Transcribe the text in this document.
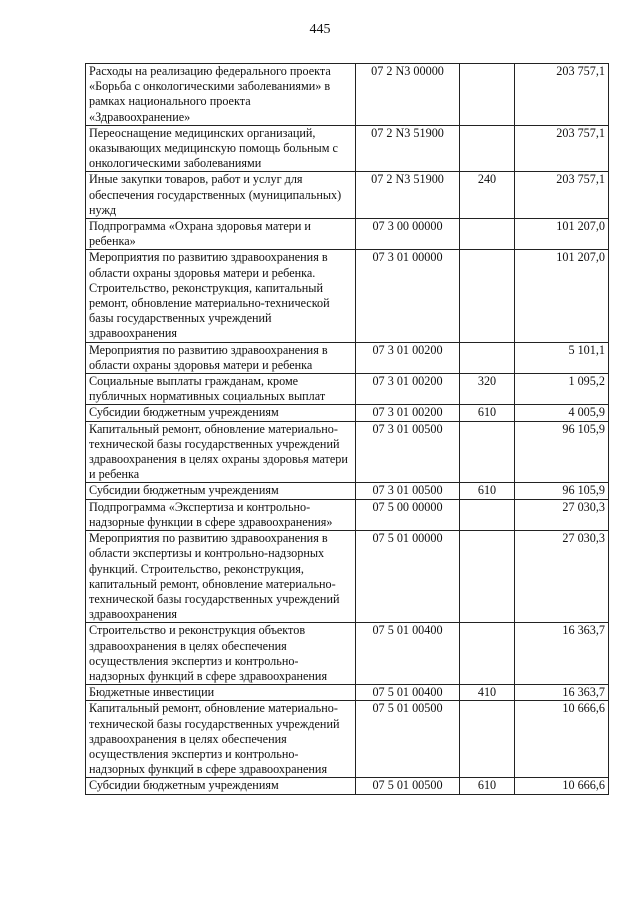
445
Расходы на реализацию федерального проекта «Борьба с онкологическими заболеваниями» в рамках национального проекта «Здравоохранение»	07 2 N3 00000		203 757,1
Переоснащение медицинских организаций, оказывающих медицинскую помощь больным с онкологическими заболеваниями	07 2 N3 51900		203 757,1
Иные закупки товаров, работ и услуг для обеспечения государственных (муниципальных) нужд	07 2 N3 51900	240	203 757,1
Подпрограмма «Охрана здоровья матери и ребенка»	07 3 00 00000		101 207,0
Мероприятия по развитию здравоохранения в области охраны здоровья матери и ребенка. Строительство, реконструкция, капитальный ремонт, обновление материально-технической базы государственных учреждений здравоохранения	07 3 01 00000		101 207,0
Мероприятия по развитию здравоохранения в области охраны здоровья матери и ребенка	07 3 01 00200		5 101,1
Социальные выплаты гражданам, кроме публичных нормативных социальных выплат	07 3 01 00200	320	1 095,2
Субсидии бюджетным учреждениям	07 3 01 00200	610	4 005,9
Капитальный ремонт, обновление материально-технической базы государственных учреждений здравоохранения в целях охраны здоровья матери и ребенка	07 3 01 00500		96 105,9
Субсидии бюджетным учреждениям	07 3 01 00500	610	96 105,9
Подпрограмма «Экспертиза и контрольно-надзорные функции в сфере здравоохранения»	07 5 00 00000		27 030,3
Мероприятия по развитию здравоохранения в области экспертизы и контрольно-надзорных функций. Строительство, реконструкция, капитальный ремонт, обновление материально-технической базы государственных учреждений здравоохранения	07 5 01 00000		27 030,3
Строительство и реконструкция объектов здравоохранения в целях обеспечения осуществления экспертиз и контрольно-надзорных функций в сфере здравоохранения	07 5 01 00400		16 363,7
Бюджетные инвестиции	07 5 01 00400	410	16 363,7
Капитальный ремонт, обновление материально-технической базы государственных учреждений здравоохранения в целях обеспечения осуществления экспертиз и контрольно-надзорных функций в сфере здравоохранения	07 5 01 00500		10 666,6
Субсидии бюджетным учреждениям	07 5 01 00500	610	10 666,6
